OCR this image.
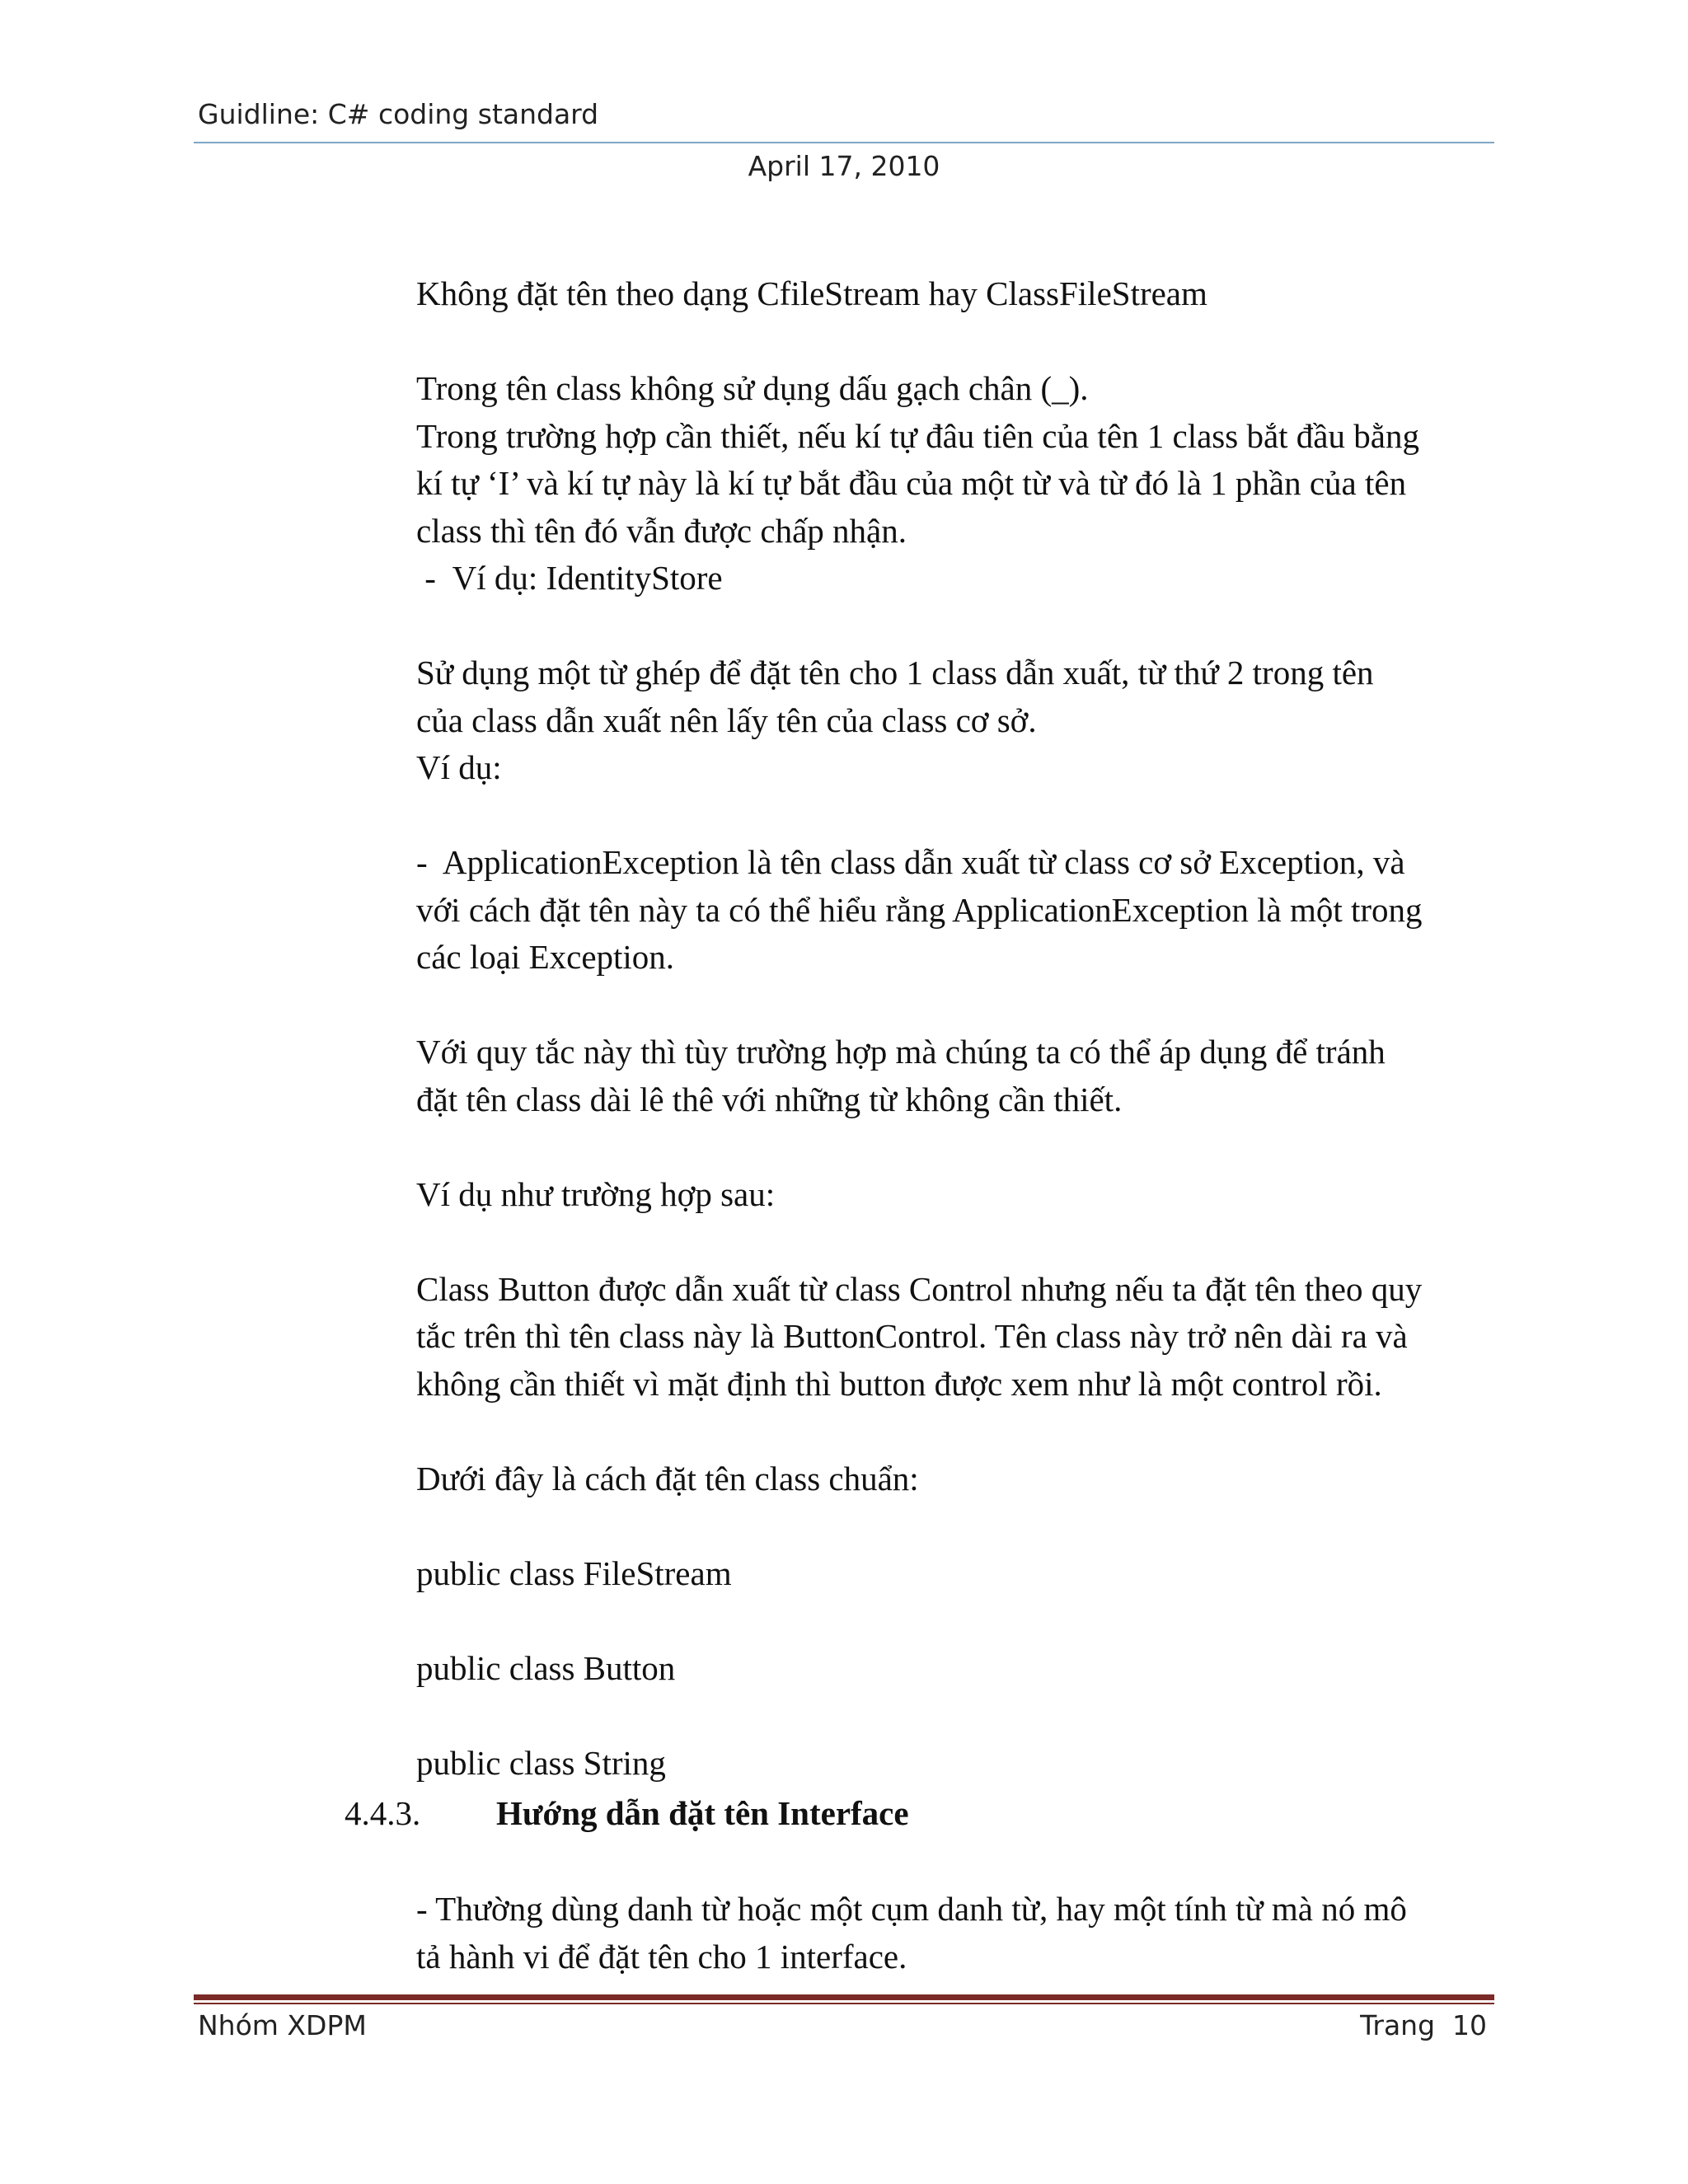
Guidline: C# coding standard
April 17, 2010
Không đặt tên theo dạng CfileStream hay ClassFileStream
Trong tên class không sử dụng dấu gạch chân (_).
Trong trường hợp cần thiết, nếu kí tự đâu tiên của tên 1 class bắt đầu bằng
kí tự ‘I’ và kí tự này là kí tự bắt đầu của một từ và từ đó là 1 phần của tên
class thì tên đó vẫn được chấp nhận.
-  Ví dụ: IdentityStore
Sử dụng một từ ghép để đặt tên cho 1 class dẫn xuất, từ thứ 2 trong tên
của class dẫn xuất nên lấy tên của class cơ sở.
Ví dụ:
-  ApplicationException là tên class dẫn xuất từ class cơ sở Exception, và
với cách đặt tên này ta có thể hiểu rằng ApplicationException là một trong
các loại Exception.
Với quy tắc này thì tùy trường hợp mà chúng ta có thể áp dụng để tránh
đặt tên class dài lê thê với những từ không cần thiết.
Ví dụ như trường hợp sau:
Class Button được dẫn xuất từ class Control nhưng nếu ta đặt tên theo quy
tắc trên thì tên class này là ButtonControl. Tên class này trở nên dài ra và
không cần thiết vì mặt định thì button được xem như là một control rồi.
Dưới đây là cách đặt tên class chuẩn:
public class FileStream
public class Button
public class String
4.4.3. Hướng dẫn đặt tên Interface
- Thường dùng danh từ hoặc một cụm danh từ, hay một tính từ mà nó mô
tả hành vi để đặt tên cho 1 interface.
Nhóm XDPM	Trang  10
